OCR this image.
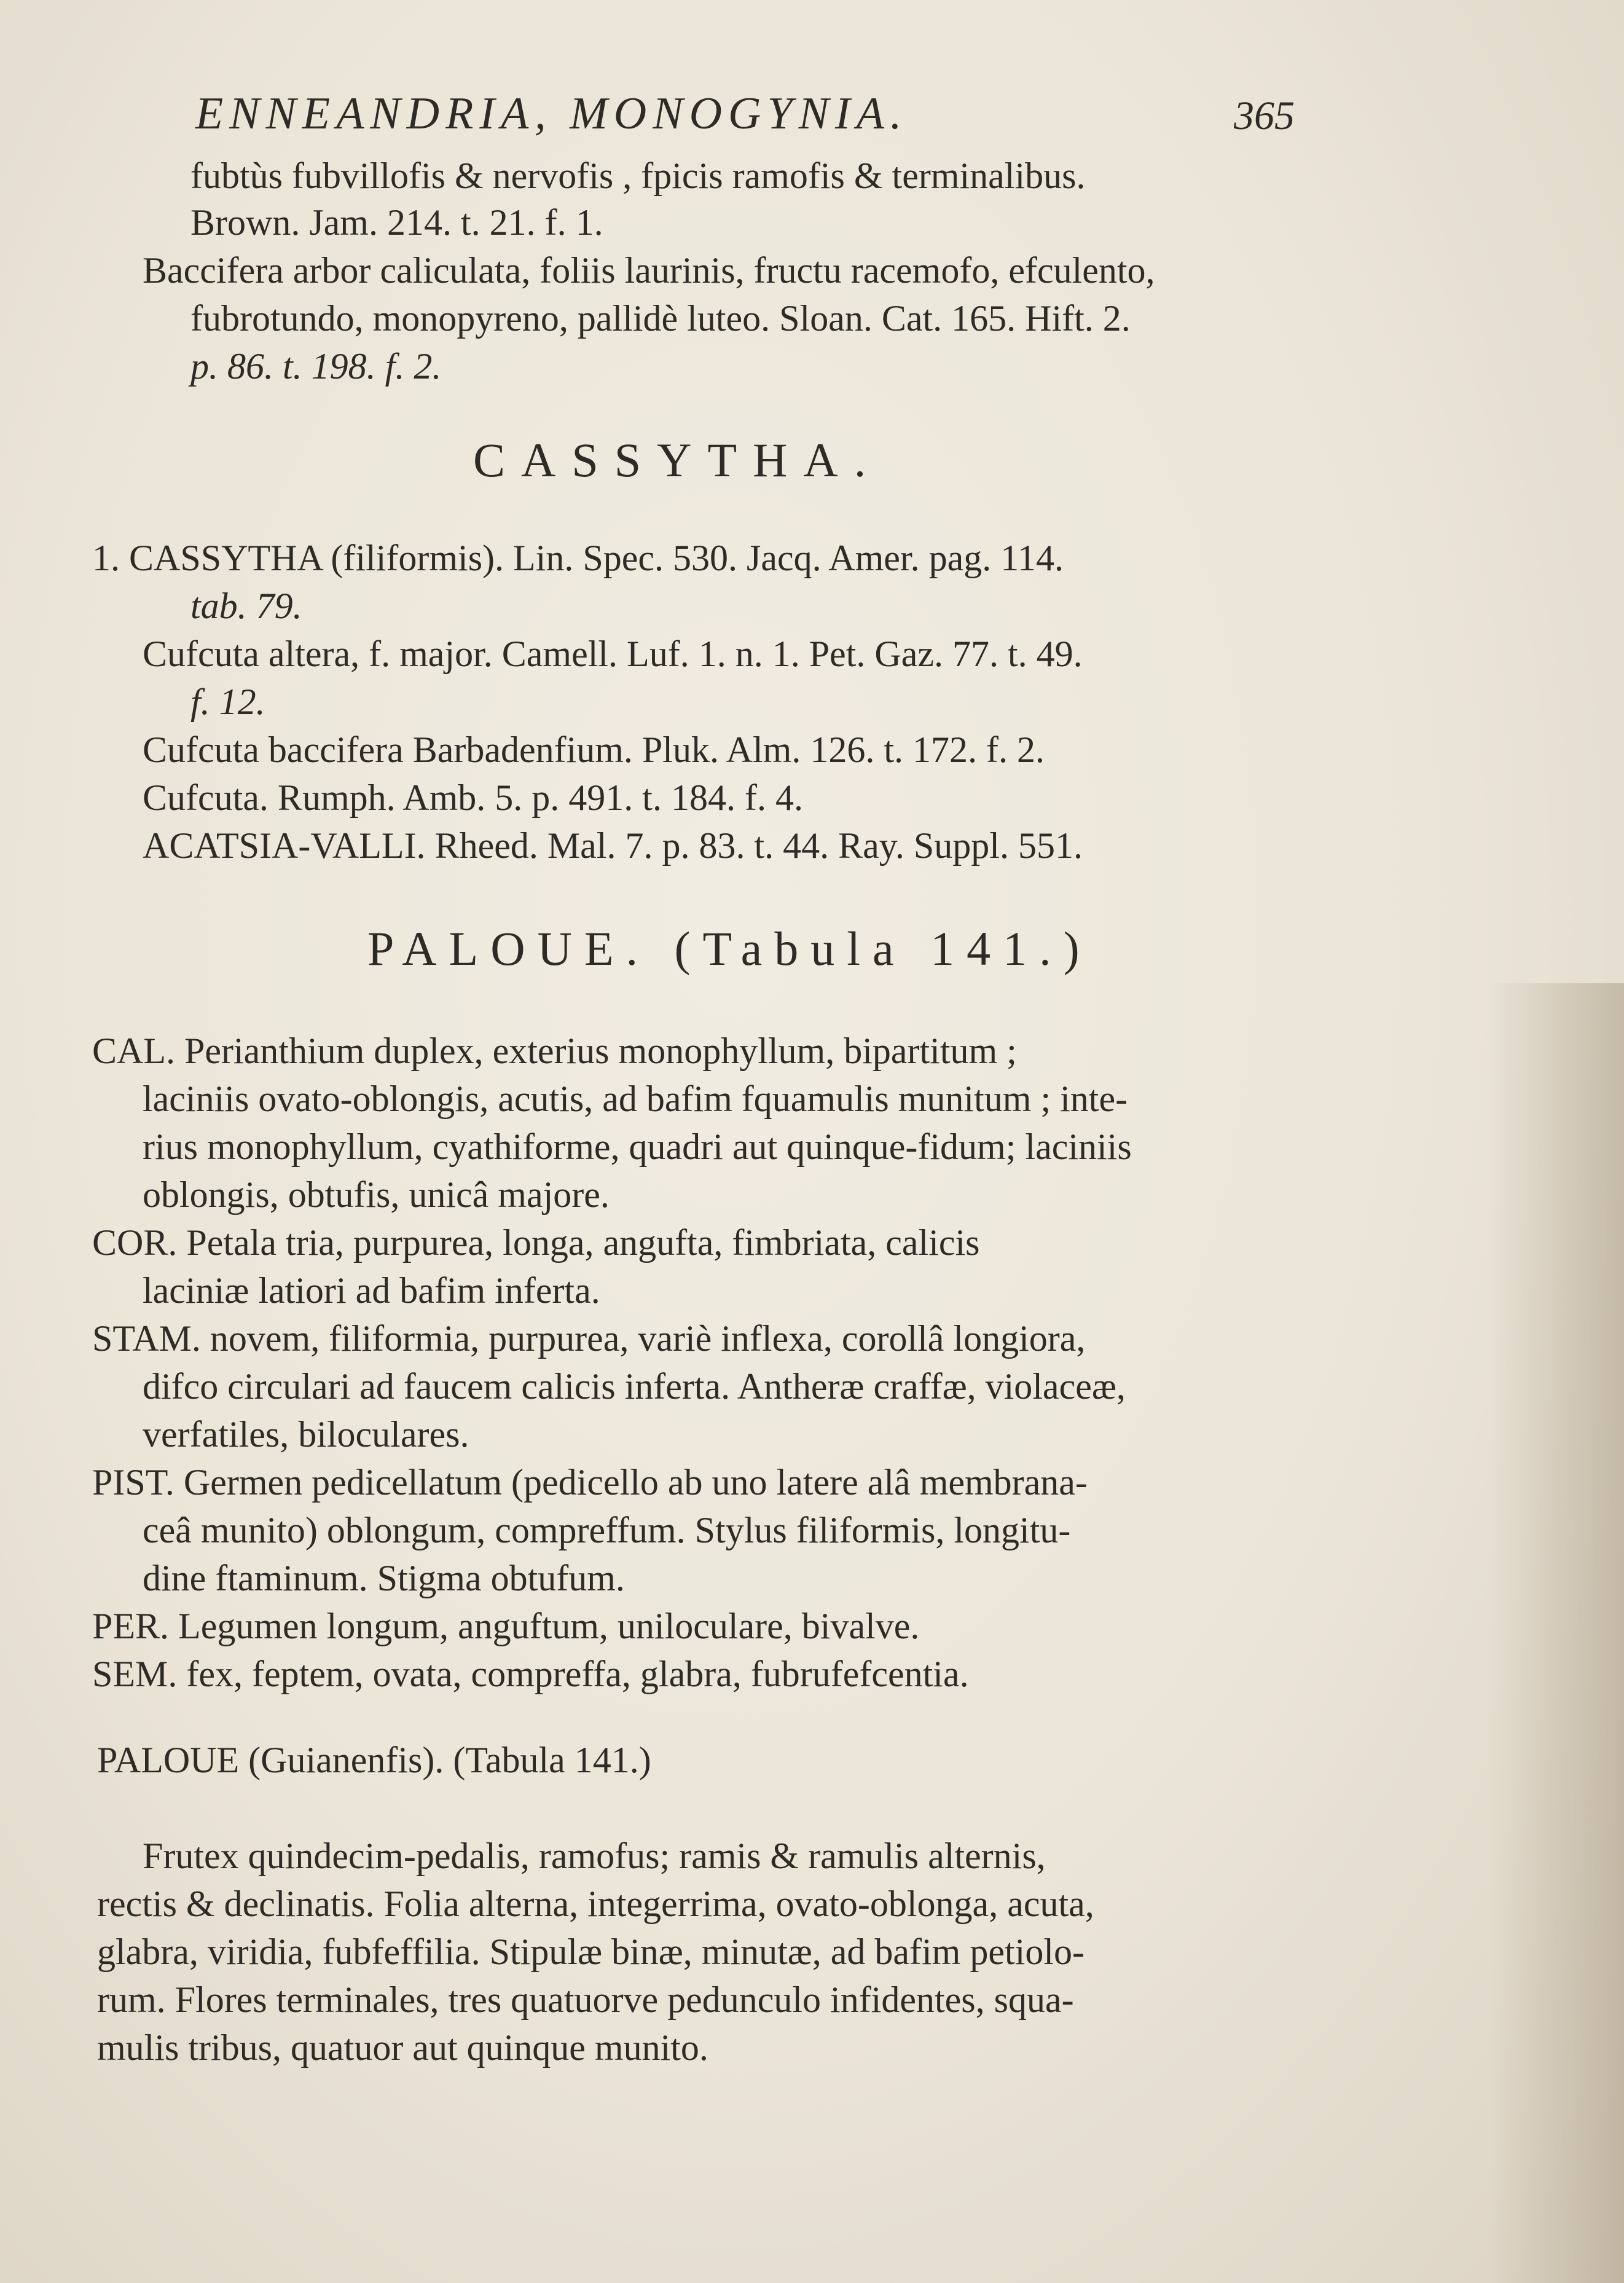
ENNEANDRIA, MONOGYNIA.	365
fubtùs fubvillofis & nervofis , fpicis ramofis & terminalibus.
Brown. Jam. 214. t. 21. f. 1.
Baccifera arbor caliculata, foliis laurinis, fruсtu racemofo, efculento,
fubrotundo, monopyreno, pallidè luteo. Sloan. Cat. 165. Hift. 2.
p. 86. t. 198. f. 2.
CASSYTHA.
1. CASSYTHA (filiformis). Lin. Spec. 530. Jacq. Amer. pag. 114.
tab. 79.
Cufcuta altera, f. major. Camell. Luf. 1. n. 1. Pet. Gaz. 77. t. 49.
f. 12.
Cufcuta baccifera Barbadenfium. Pluk. Alm. 126. t. 172. f. 2.
Cufcuta. Rumph. Amb. 5. p. 491. t. 184. f. 4.
ACATSIA-VALLI. Rheed. Mal. 7. p. 83. t. 44. Ray. Suppl. 551.
PALOUE. (Tabula 141.)
CAL. Perianthium duplex, exterius monophyllum, bipartitum ;
laciniis ovato-oblongis, acutis, ad bafim fquamulis munitum ; inte-
rius monophyllum, cyathiforme, quadri aut quinque-fidum; laciniis
oblongis, obtufis, unicâ majore.
COR. Petala tria, purpurea, longa, angufta, fimbriata, calicis
laciniæ latiori ad bafim inferta.
STAM. novem, filiformia, purpurea, variè inflexa, corollâ longiora,
difco circulari ad faucem calicis inferta. Antheræ craffæ, violaceæ,
verfatiles, biloculares.
PIST. Germen pedicellatum (pedicello ab uno latere alâ membrana-
ceâ munito) oblongum, compreffum. Stylus filiformis, longitu-
dine ftaminum. Stigma obtufum.
PER. Legumen longum, anguftum, uniloculare, bivalve.
SEM. fex, feptem, ovata, compreffa, glabra, fubrufefcentia.
PALOUE (Guianenfis). (Tabula 141.)
Frutex quindecim-pedalis, ramofus; ramis & ramulis alternis,
rectis & declinatis. Folia alterna, integerrima, ovato-oblonga, acuta,
glabra, viridia, fubfeffilia. Stipulæ binæ, minutæ, ad bafim petiolo-
rum. Flores terminales, tres quatuorve pedunculo infidentes, squa-
mulis tribus, quatuor aut quinque munito.
